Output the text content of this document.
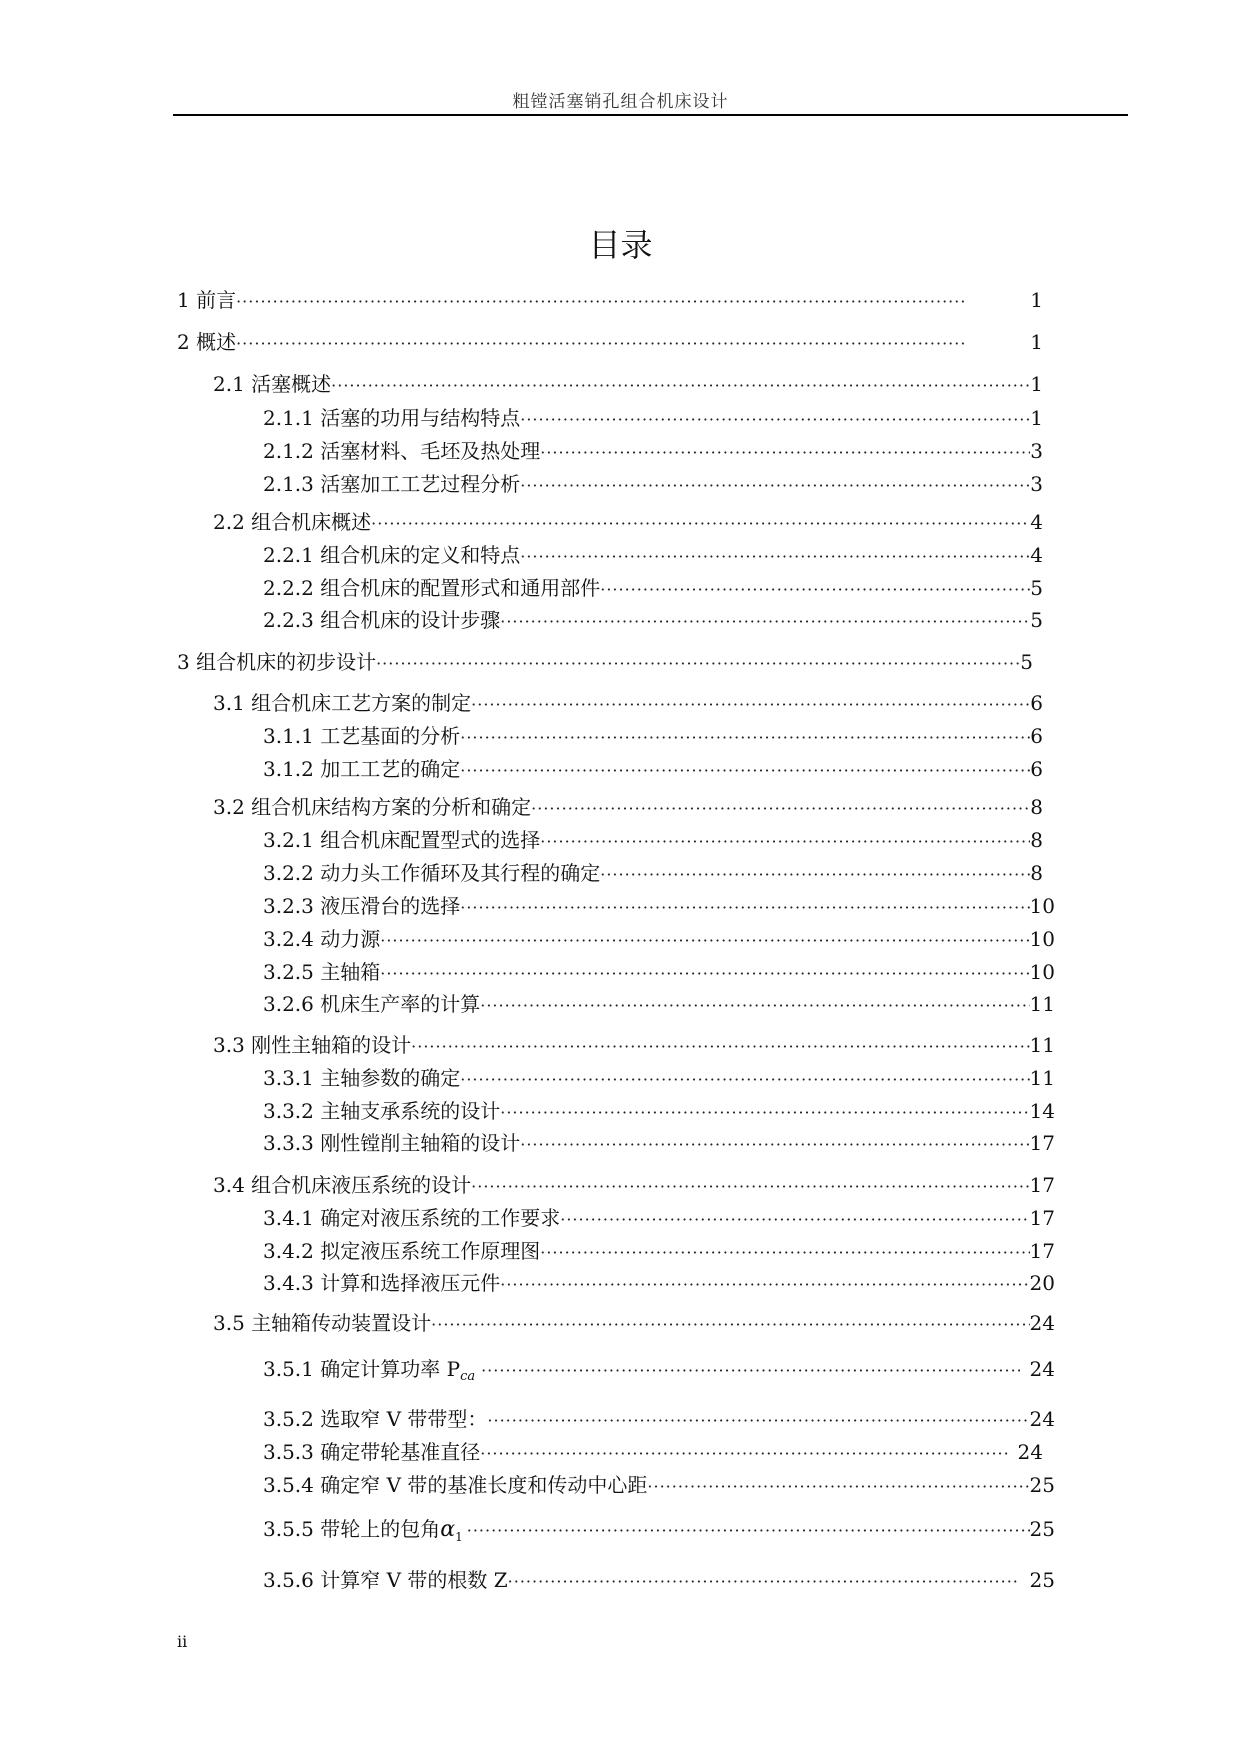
粗镗活塞销孔组合机床设计
目录
1 前言 ·····	1
2 概述 ·····	1
2.1 活塞概述 ·····	1
2.1.1 活塞的功用与结构特点 ·····	1
2.1.2 活塞材料、毛坯及热处理 ·····	3
2.1.3 活塞加工工艺过程分析 ·····	3
2.2 组合机床概述 ·····	4
2.2.1 组合机床的定义和特点 ·····	4
2.2.2 组合机床的配置形式和通用部件 ·····	5
2.2.3 组合机床的设计步骤 ·····	5
3 组合机床的初步设计 ·····	5
3.1 组合机床工艺方案的制定 ·····	6
3.1.1 工艺基面的分析 ·····	6
3.1.2 加工工艺的确定 ·····	6
3.2 组合机床结构方案的分析和确定 ·····	8
3.2.1 组合机床配置型式的选择 ·····	8
3.2.2 动力头工作循环及其行程的确定 ·····	8
3.2.3 液压滑台的选择 ·····	10
3.2.4 动力源 ·····	10
3.2.5 主轴箱 ·····	10
3.2.6 机床生产率的计算 ·····	11
3.3 刚性主轴箱的设计 ·····	11
3.3.1 主轴参数的确定 ·····	11
3.3.2 主轴支承系统的设计 ·····	14
3.3.3 刚性镗削主轴箱的设计 ·····	17
3.4 组合机床液压系统的设计 ·····	17
3.4.1 确定对液压系统的工作要求 ·····	17
3.4.2 拟定液压系统工作原理图 ·····	17
3.4.3 计算和选择液压元件 ·····	20
3.5 主轴箱传动装置设计 ·····	24
3.5.1 确定计算功率 $P_{ca}$ ·····	24
3.5.2 选取窄 V 带带型： ·····	24
3.5.3 确定带轮基准直径 ·····	24
3.5.4 确定窄 V 带的基准长度和传动中心距 ·····	25
3.5.5 带轮上的包角$\alpha_1$ ·····	25
3.5.6 计算窄 V 带的根数 Z ·····	25
ii
